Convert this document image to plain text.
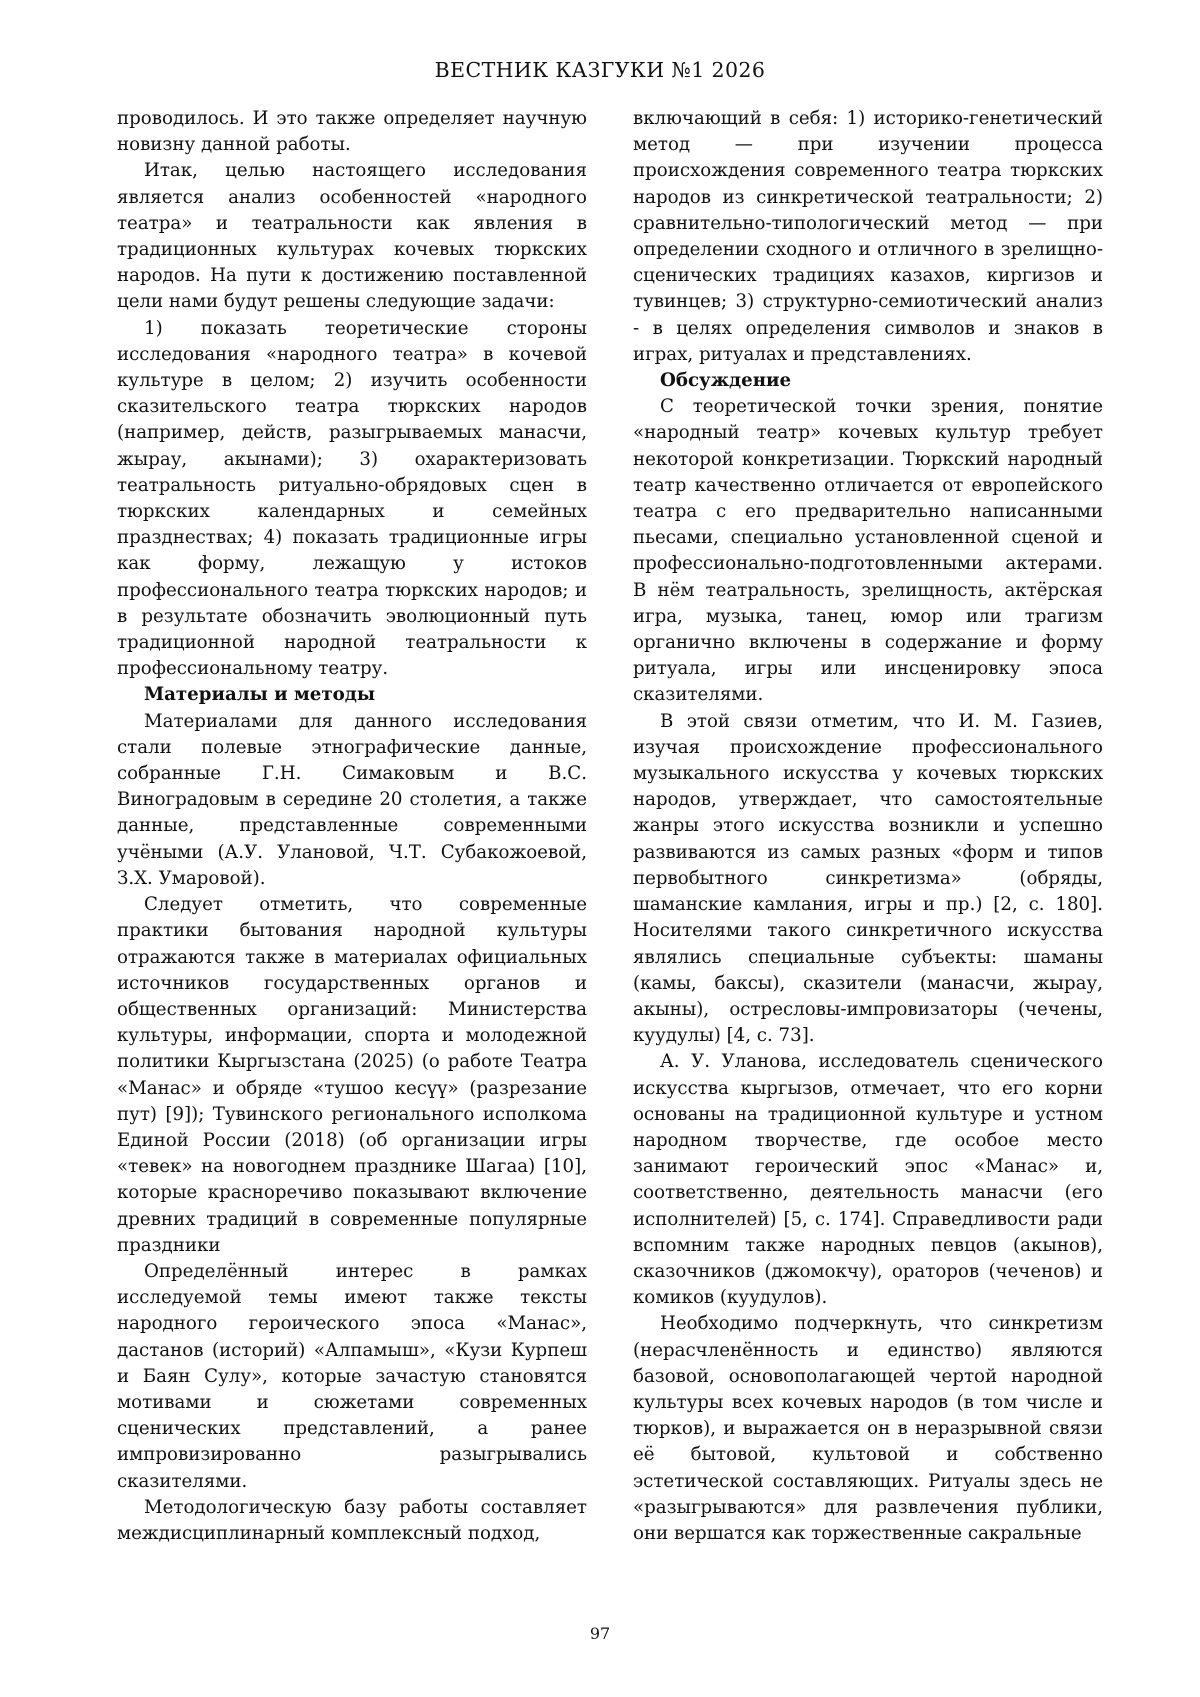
ВЕСТНИК КАЗГУКИ №1 2026

проводилось. И это также определяет научную новизну данной работы.

Итак, целью настоящего исследования является анализ особенностей «народного театра» и театральности как явления в традиционных культурах кочевых тюркских народов. На пути к достижению поставленной цели нами будут решены следующие задачи:

1) показать теоретические стороны исследования «народного театра» в кочевой культуре в целом; 2) изучить особенности сказительского театра тюркских народов (например, действ, разыгрываемых манасчи, жырау, акынами); 3) охарактеризовать театральность ритуально-обрядовых сцен в тюркских календарных и семейных празднествах; 4) показать традиционные игры как форму, лежащую у истоков профессионального театра тюркских народов; и в результате обозначить эволюционный путь традиционной народной театральности к профессиональному театру.

Материалы и методы

Материалами для данного исследования стали полевые этнографические данные, собранные Г.Н. Симаковым и В.С. Виноградовым в середине 20 столетия, а также данные, представленные современными учёными (А.У. Улановой, Ч.Т. Субакожоевой, З.Х. Умаровой).

Следует отметить, что современные практики бытования народной культуры отражаются также в материалах официальных источников государственных органов и общественных организаций: Министерства культуры, информации, спорта и молодежной политики Кыргызстана (2025) (о работе Театра «Манас» и обряде «тушоо кесүү» (разрезание пут) [9]); Тувинского регионального исполкома Единой России (2018) (об организации игры «тевек» на новогоднем празднике Шагаа) [10], которые красноречиво показывают включение древних традиций в современные популярные праздники

Определённый интерес в рамках исследуемой темы имеют также тексты народного героического эпоса «Манас», дастанов (историй) «Алпамыш», «Кузи Курпеш и Баян Сулу», которые зачастую становятся мотивами и сюжетами современных сценических представлений, а ранее импровизированно разыгрывались сказителями.

Методологическую базу работы составляет междисциплинарный комплексный подход,

включающий в себя: 1) историко-генетический метод — при изучении процесса происхождения современного театра тюркских народов из синкретической театральности; 2) сравнительно-типологический метод — при определении сходного и отличного в зрелищно-сценических традициях казахов, киргизов и тувинцев; 3) структурно-семиотический анализ - в целях определения символов и знаков в играх, ритуалах и представлениях.

Обсуждение

С теоретической точки зрения, понятие «народный театр» кочевых культур требует некоторой конкретизации. Тюркский народный театр качественно отличается от европейского театра с его предварительно написанными пьесами, специально установленной сценой и профессионально-подготовленными актерами. В нём театральность, зрелищность, актёрская игра, музыка, танец, юмор или трагизм органично включены в содержание и форму ритуала, игры или инсценировку эпоса сказителями.

В этой связи отметим, что И. М. Газиев, изучая происхождение профессионального музыкального искусства у кочевых тюркских народов, утверждает, что самостоятельные жанры этого искусства возникли и успешно развиваются из самых разных «форм и типов первобытного синкретизма» (обряды, шаманские камлания, игры и пр.) [2, с. 180]. Носителями такого синкретичного искусства являлись специальные субъекты: шаманы (камы, баксы), сказители (манасчи, жырау, акыны), остресловы-импровизаторы (чечены, куудулы) [4, с. 73].

А. У. Уланова, исследователь сценического искусства кыргызов, отмечает, что его корни основаны на традиционной культуре и устном народном творчестве, где особое место занимают героический эпос «Манас» и, соответственно, деятельность манасчи (его исполнителей) [5, с. 174]. Справедливости ради вспомним также народных певцов (акынов), сказочников (джомокчу), ораторов (чеченов) и комиков (куудулов).

Необходимо подчеркнуть, что синкретизм (нерасчленённость и единство) являются базовой, основополагающей чертой народной культуры всех кочевых народов (в том числе и тюрков), и выражается он в неразрывной связи её бытовой, культовой и собственно эстетической составляющих. Ритуалы здесь не «разыгрываются» для развлечения публики, они вершатся как торжественные сакральные

97
